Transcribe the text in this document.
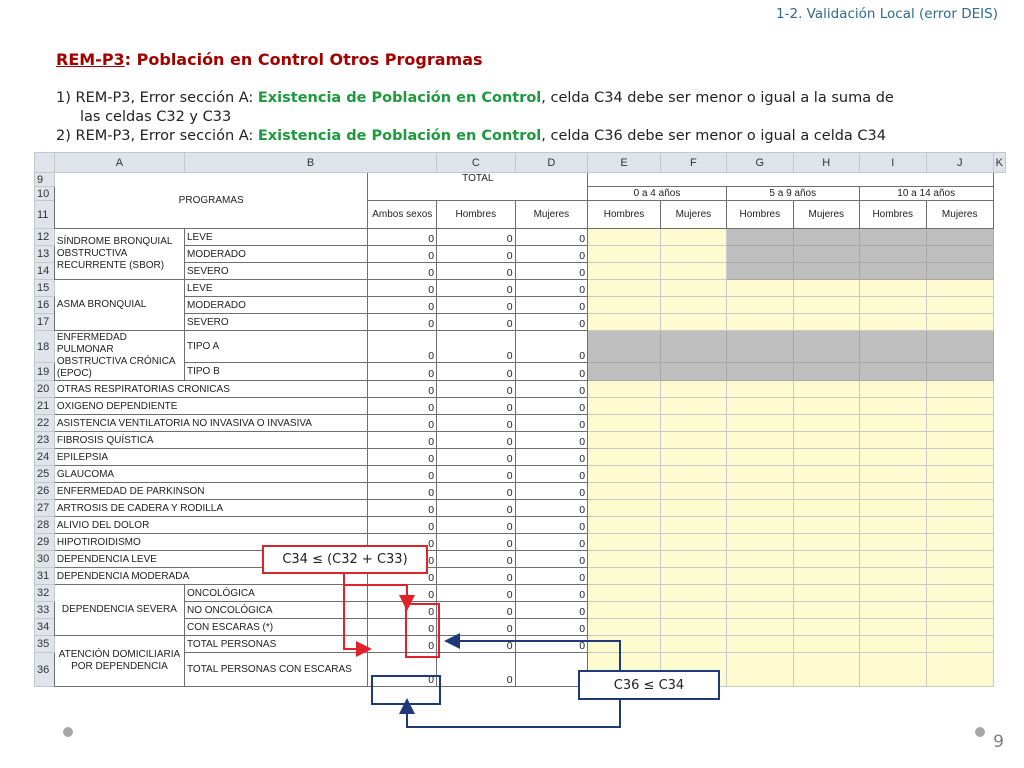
1-2. Validación Local (error DEIS)
REM-P3: Población en Control Otros Programas
1) REM-P3, Error sección A: Existencia de Población en Control, celda C34 debe ser menor o igual a la suma de
las celdas C32 y C33
2) REM-P3, Error sección A: Existencia de Población en Control, celda C36 debe ser menor o igual a celda C34
	A	B		C	D	E	F	G	H	I	J	K
9	PROGRAMAS		TOTAL									
10						0 a 4 años		5 a 9 años		10 a 14 años		
11			Ambos sexos	Hombres	Mujeres	Hombres	Mujeres	Hombres	Mujeres	Hombres	Mujeres	
12	SÍNDROME BRONQUIAL OBSTRUCTIVA RECURRENTE (SBOR)	LEVE	0	0	0							
13		MODERADO	0	0	0							
14		SEVERO	0	0	0							
15	ASMA BRONQUIAL	LEVE	0	0	0							
16		MODERADO	0	0	0							
17		SEVERO	0	0	0							
18	ENFERMEDAD PULMONAR OBSTRUCTIVA CRÓNICA (EPOC)	TIPO A	0	0	0							
19		TIPO B	0	0	0							
20	OTRAS RESPIRATORIAS CRONICAS		0	0	0							
21	OXIGENO DEPENDIENTE		0	0	0							
22	ASISTENCIA VENTILATORIA NO INVASIVA O INVASIVA		0	0	0							
23	FIBROSIS QUÍSTICA		0	0	0							
24	EPILEPSIA		0	0	0							
25	GLAUCOMA		0	0	0							
26	ENFERMEDAD DE PARKINSON		0	0	0							
27	ARTROSIS DE CADERA Y RODILLA		0	0	0							
28	ALIVIO DEL DOLOR		0	0	0							
29	HIPOTIROIDISMO		0	0	0							
30	DEPENDENCIA LEVE		0	0	0							
31	DEPENDENCIA MODERADA		0	0	0							
32	DEPENDENCIA SEVERA	ONCOLÓGICA	0	0	0							
33		NO ONCOLÓGICA	0	0	0							
34		CON ESCARAS (*)	0	0	0							
35	ATENCIÓN DOMICILIARIA POR DEPENDENCIA	TOTAL PERSONAS	0	0	0							
36		TOTAL PERSONAS CON ESCARAS	0	0							
C34 ≤ (C32 + C33)
C36 ≤ C34
9
